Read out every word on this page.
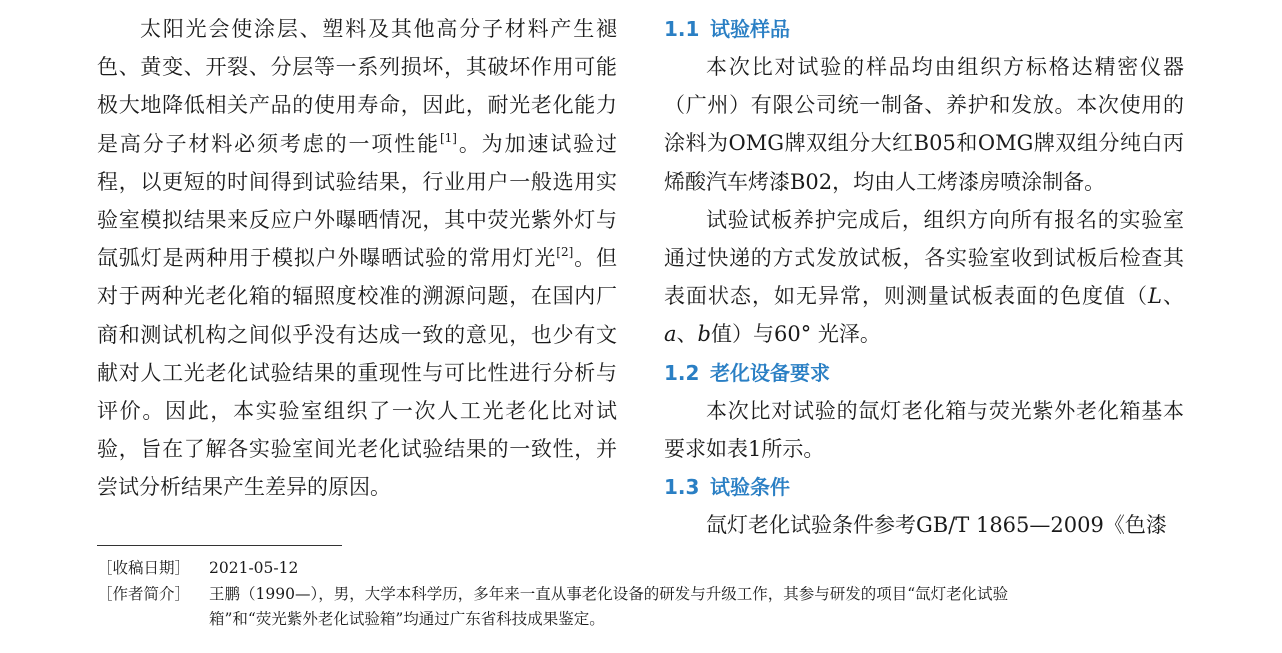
太阳光会使涂层、塑料及其他高分子材料产生褪色、黄变、开裂、分层等一系列损坏，其破坏作用可能极大地降低相关产品的使用寿命，因此，耐光老化能力是高分子材料必须考虑的一项性能[1]。为加速试验过程，以更短的时间得到试验结果，行业用户一般选用实验室模拟结果来反应户外曝晒情况，其中荧光紫外灯与氙弧灯是两种用于模拟户外曝晒试验的常用灯光[2]。但对于两种光老化箱的辐照度校准的溯源问题，在国内厂商和测试机构之间似乎没有达成一致的意见，也少有文献对人工光老化试验结果的重现性与可比性进行分析与评价。因此，本实验室组织了一次人工光老化比对试验，旨在了解各实验室间光老化试验结果的一致性，并尝试分析结果产生差异的原因。

1.1 试验样品

本次比对试验的样品均由组织方标格达精密仪器（广州）有限公司统一制备、养护和发放。本次使用的涂料为OMG牌双组分大红B05和OMG牌双组分纯白丙烯酸汽车烤漆B02，均由人工烤漆房喷涂制备。

试验试板养护完成后，组织方向所有报名的实验室通过快递的方式发放试板，各实验室收到试板后检查其表面状态，如无异常，则测量试板表面的色度值（L、a、b值）与60° 光泽。

1.2 老化设备要求

本次比对试验的氙灯老化箱与荧光紫外老化箱基本要求如表1所示。

1.3 试验条件

氙灯老化试验条件参考GB/T 1865—2009《色漆

［收稿日期］ 2021-05-12
［作者简介］ 王鹏（1990—），男，大学本科学历，多年来一直从事老化设备的研发与升级工作，其参与研发的项目“氙灯老化试验
箱”和“荧光紫外老化试验箱”均通过广东省科技成果鉴定。
